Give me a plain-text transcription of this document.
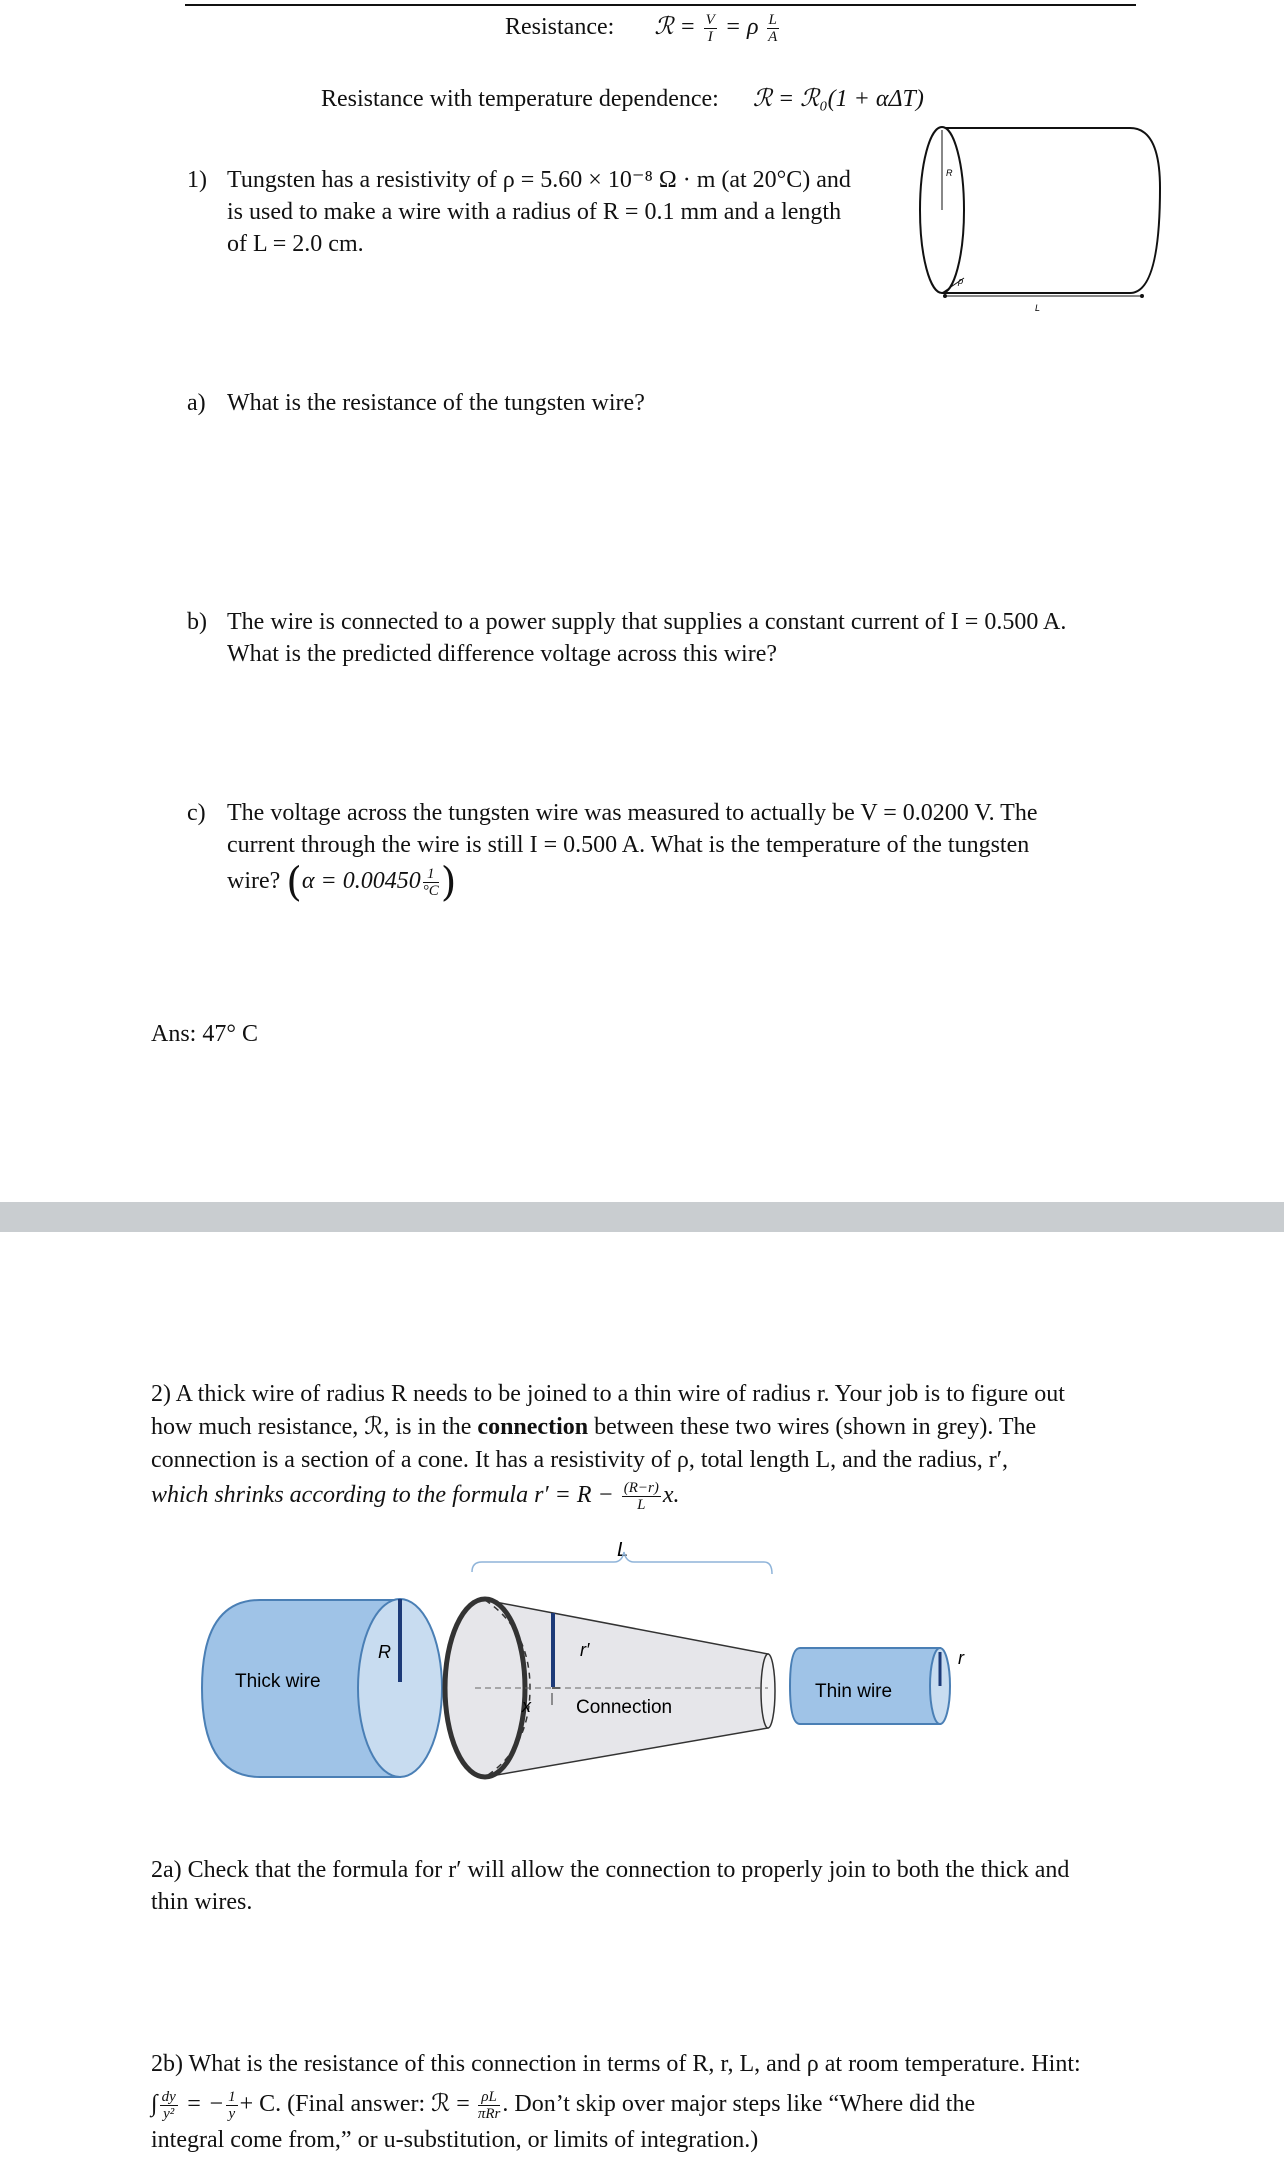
Resistance: ℛ = $\frac{V}{I} = \rho \frac{L}{A}$
Resistance with temperature dependence: ℛ = ℛ₀(1 + αΔT)
1) Tungsten has a resistivity of ρ = 5.60 × 10⁻⁸ Ω · m (at 20°C) and
is used to make a wire with a radius of R = 0.1 mm and a length
of L = 2.0 cm.
R
ρ
L
a) What is the resistance of the tungsten wire?
b) The wire is connected to a power supply that supplies a constant current of I = 0.500 A.
What is the predicted difference voltage across this wire?
c) The voltage across the tungsten wire was measured to actually be V = 0.0200 V. The
current through the wire is still I = 0.500 A. What is the temperature of the tungsten
wire? ($\alpha = 0.00450 \frac{1}{^\circ C}$ )
Ans: 47° C
2) A thick wire of radius R needs to be joined to a thin wire of radius r. Your job is to figure out
how much resistance, ℛ, is in the connection between these two wires (shown in grey). The
connection is a section of a cone. It has a resistivity of ρ, total length L, and the radius, r′,
which shrinks according to the formula $r' = R - \frac{(R-r)}{L} x$.
L
Thick wire
R
x
r′
Connection
Thin wire
r
2a) Check that the formula for r′ will allow the connection to properly join to both the thick and
thin wires.
2b) What is the resistance of this connection in terms of R, r, L, and ρ at room temperature. Hint:
∫ $\frac{dy}{\text{y²}}$ = − $\frac{1}{y} + C$. (Final answer: ℛ = $\frac{\rho L}{\text{πRr}}$ . Don’t skip over major steps like “Where did the
integral come from,” or u-substitution, or limits of integration.)
